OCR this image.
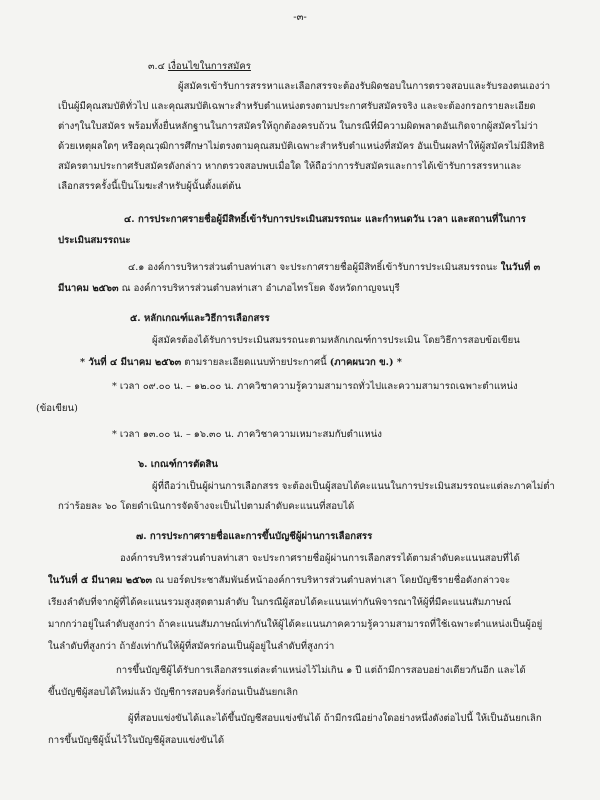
-๓-
๓.๔ เงื่อนไขในการสมัคร
ผู้สมัครเข้ารับการสรรหาและเลือกสรรจะต้องรับผิดชอบในการตรวจสอบและรับรองตนเองว่า
เป็นผู้มีคุณสมบัติทั่วไป และคุณสมบัติเฉพาะสำหรับตำแหน่งตรงตามประกาศรับสมัครจริง และจะต้องกรอกรายละเอียด
ต่างๆในใบสมัคร พร้อมทั้งยื่นหลักฐานในการสมัครให้ถูกต้องครบถ้วน ในกรณีที่มีความผิดพลาดอันเกิดจากผู้สมัครไม่ว่า
ด้วยเหตุผลใดๆ หรือคุณวุฒิการศึกษาไม่ตรงตามคุณสมบัติเฉพาะสำหรับตำแหน่งที่สมัคร อันเป็นผลทำให้ผู้สมัครไม่มีสิทธิ
สมัครตามประกาศรับสมัครดังกล่าว หากตรวจสอบพบเมื่อใด ให้ถือว่าการรับสมัครและการได้เข้ารับการสรรหาและ
เลือกสรรครั้งนี้เป็นโมฆะสำหรับผู้นั้นตั้งแต่ต้น
๔. การประกาศรายชื่อผู้มีสิทธิ์เข้ารับการประเมินสมรรถนะ และกำหนดวัน เวลา และสถานที่ในการ
ประเมินสมรรถนะ
๔.๑ องค์การบริหารส่วนตำบลท่าเสา จะประกาศรายชื่อผู้มีสิทธิ์เข้ารับการประเมินสมรรถนะ ในวันที่ ๓
มีนาคม ๒๕๖๓ ณ องค์การบริหารส่วนตำบลท่าเสา อำเภอไทรโยค จังหวัดกาญจนบุรี
๕. หลักเกณฑ์และวิธีการเลือกสรร
ผู้สมัครต้องได้รับการประเมินสมรรถนะตามหลักเกณฑ์การประเมิน โดยวิธีการสอบข้อเขียน
* วันที่ ๔ มีนาคม ๒๕๖๓ ตามรายละเอียดแนบท้ายประกาศนี้ (ภาคผนวก ข.) *
* เวลา ๐๙.๐๐ น. – ๑๒.๐๐ น. ภาควิชาความรู้ความสามารถทั่วไปและความสามารถเฉพาะตำแหน่ง
(ข้อเขียน)
* เวลา ๑๓.๐๐ น. – ๑๖.๓๐ น. ภาควิชาความเหมาะสมกับตำแหน่ง
๖. เกณฑ์การตัดสิน
ผู้ที่ถือว่าเป็นผู้ผ่านการเลือกสรร จะต้องเป็นผู้สอบได้คะแนนในการประเมินสมรรถนะแต่ละภาคไม่ต่ำ
กว่าร้อยละ ๖๐ โดยดำเนินการจัดจ้างจะเป็นไปตามลำดับคะแนนที่สอบได้
๗. การประกาศรายชื่อและการขึ้นบัญชีผู้ผ่านการเลือกสรร
องค์การบริหารส่วนตำบลท่าเสา จะประกาศรายชื่อผู้ผ่านการเลือกสรรได้ตามลำดับคะแนนสอบที่ได้
ในวันที่ ๕ มีนาคม ๒๕๖๓ ณ บอร์ดประชาสัมพันธ์หน้าองค์การบริหารส่วนตำบลท่าเสา โดยบัญชีรายชื่อดังกล่าวจะ
เรียงลำดับที่จากผู้ที่ได้คะแนนรวมสูงสุดตามลำดับ ในกรณีผู้สอบได้คะแนนเท่ากันพิจารณาให้ผู้ที่มีคะแนนสัมภาษณ์
มากกว่าอยู่ในลำดับสูงกว่า ถ้าคะแนนสัมภาษณ์เท่ากันให้ผู้ได้คะแนนภาคความรู้ความสามารถที่ใช้เฉพาะตำแหน่งเป็นผู้อยู่
ในลำดับที่สูงกว่า ถ้ายังเท่ากันให้ผู้ที่สมัครก่อนเป็นผู้อยู่ในลำดับที่สูงกว่า
การขึ้นบัญชีผู้ได้รับการเลือกสรรแต่ละตำแหน่งไว้ไม่เกิน ๑ ปี แต่ถ้ามีการสอบอย่างเดียวกันอีก และได้
ขึ้นบัญชีผู้สอบได้ใหม่แล้ว บัญชีการสอบครั้งก่อนเป็นอันยกเลิก
ผู้ที่สอบแข่งขันได้และได้ขึ้นบัญชีสอบแข่งขันได้ ถ้ามีกรณีอย่างใดอย่างหนึ่งดังต่อไปนี้ ให้เป็นอันยกเลิก
การขึ้นบัญชีผู้นั้นไว้ในบัญชีผู้สอบแข่งขันได้
